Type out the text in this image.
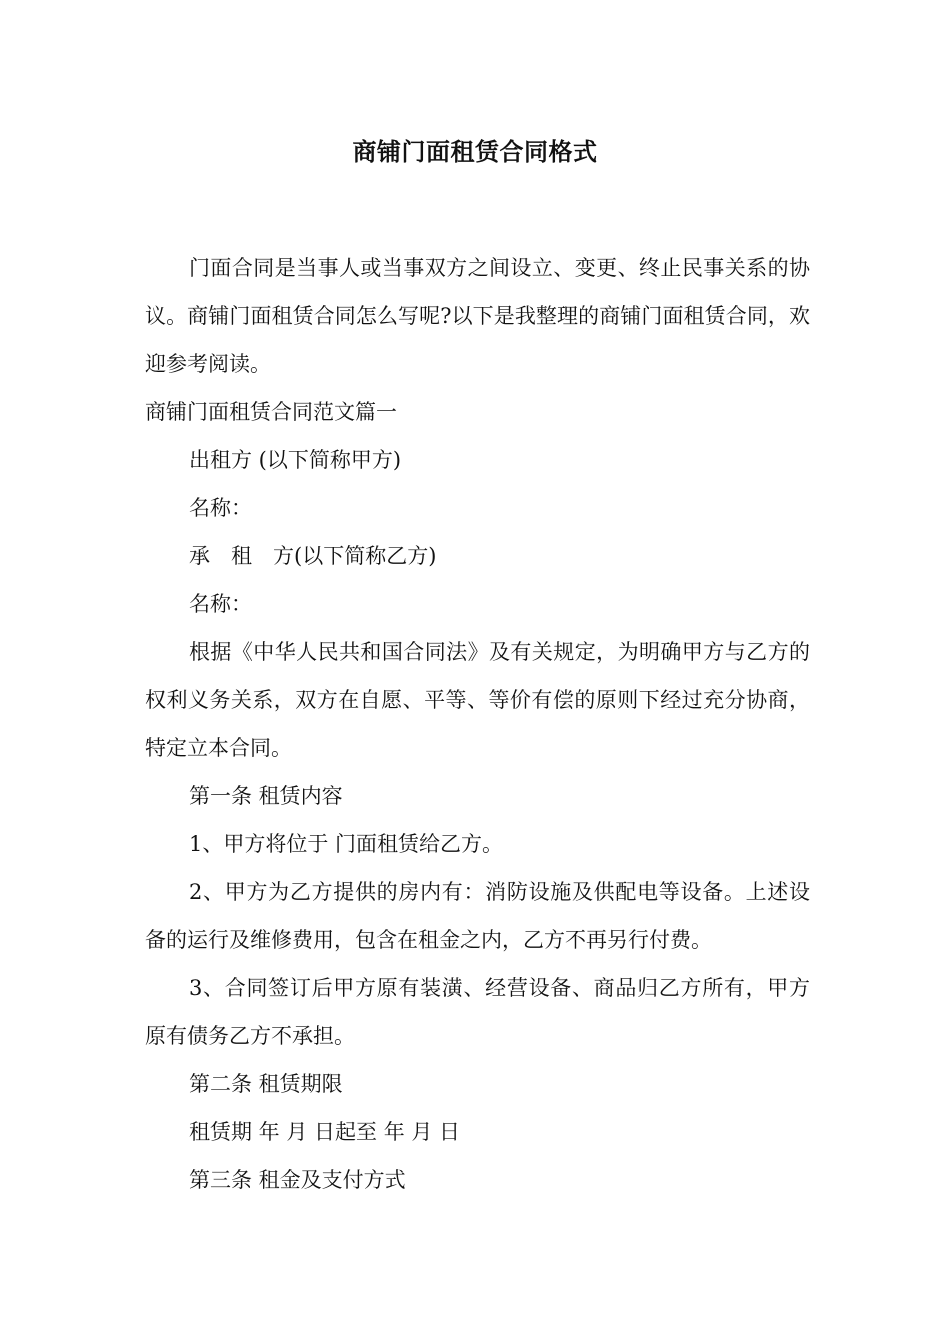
商铺门面租赁合同格式

门面合同是当事人或当事双方之间设立、变更、终止民事关系的协议。商铺门面租赁合同怎么写呢?以下是我整理的商铺门面租赁合同，欢迎参考阅读。

商铺门面租赁合同范文篇一

出租方 (以下简称甲方)

名称：

承　租　方(以下简称乙方)

名称：

根据《中华人民共和国合同法》及有关规定，为明确甲方与乙方的权利义务关系，双方在自愿、平等、等价有偿的原则下经过充分协商，特定立本合同。

第一条 租赁内容

1、甲方将位于 门面租赁给乙方。

2、甲方为乙方提供的房内有：消防设施及供配电等设备。上述设备的运行及维修费用，包含在租金之内，乙方不再另行付费。

3、合同签订后甲方原有装潢、经营设备、商品归乙方所有，甲方原有债务乙方不承担。

第二条 租赁期限

租赁期 年 月 日起至 年 月 日

第三条 租金及支付方式
